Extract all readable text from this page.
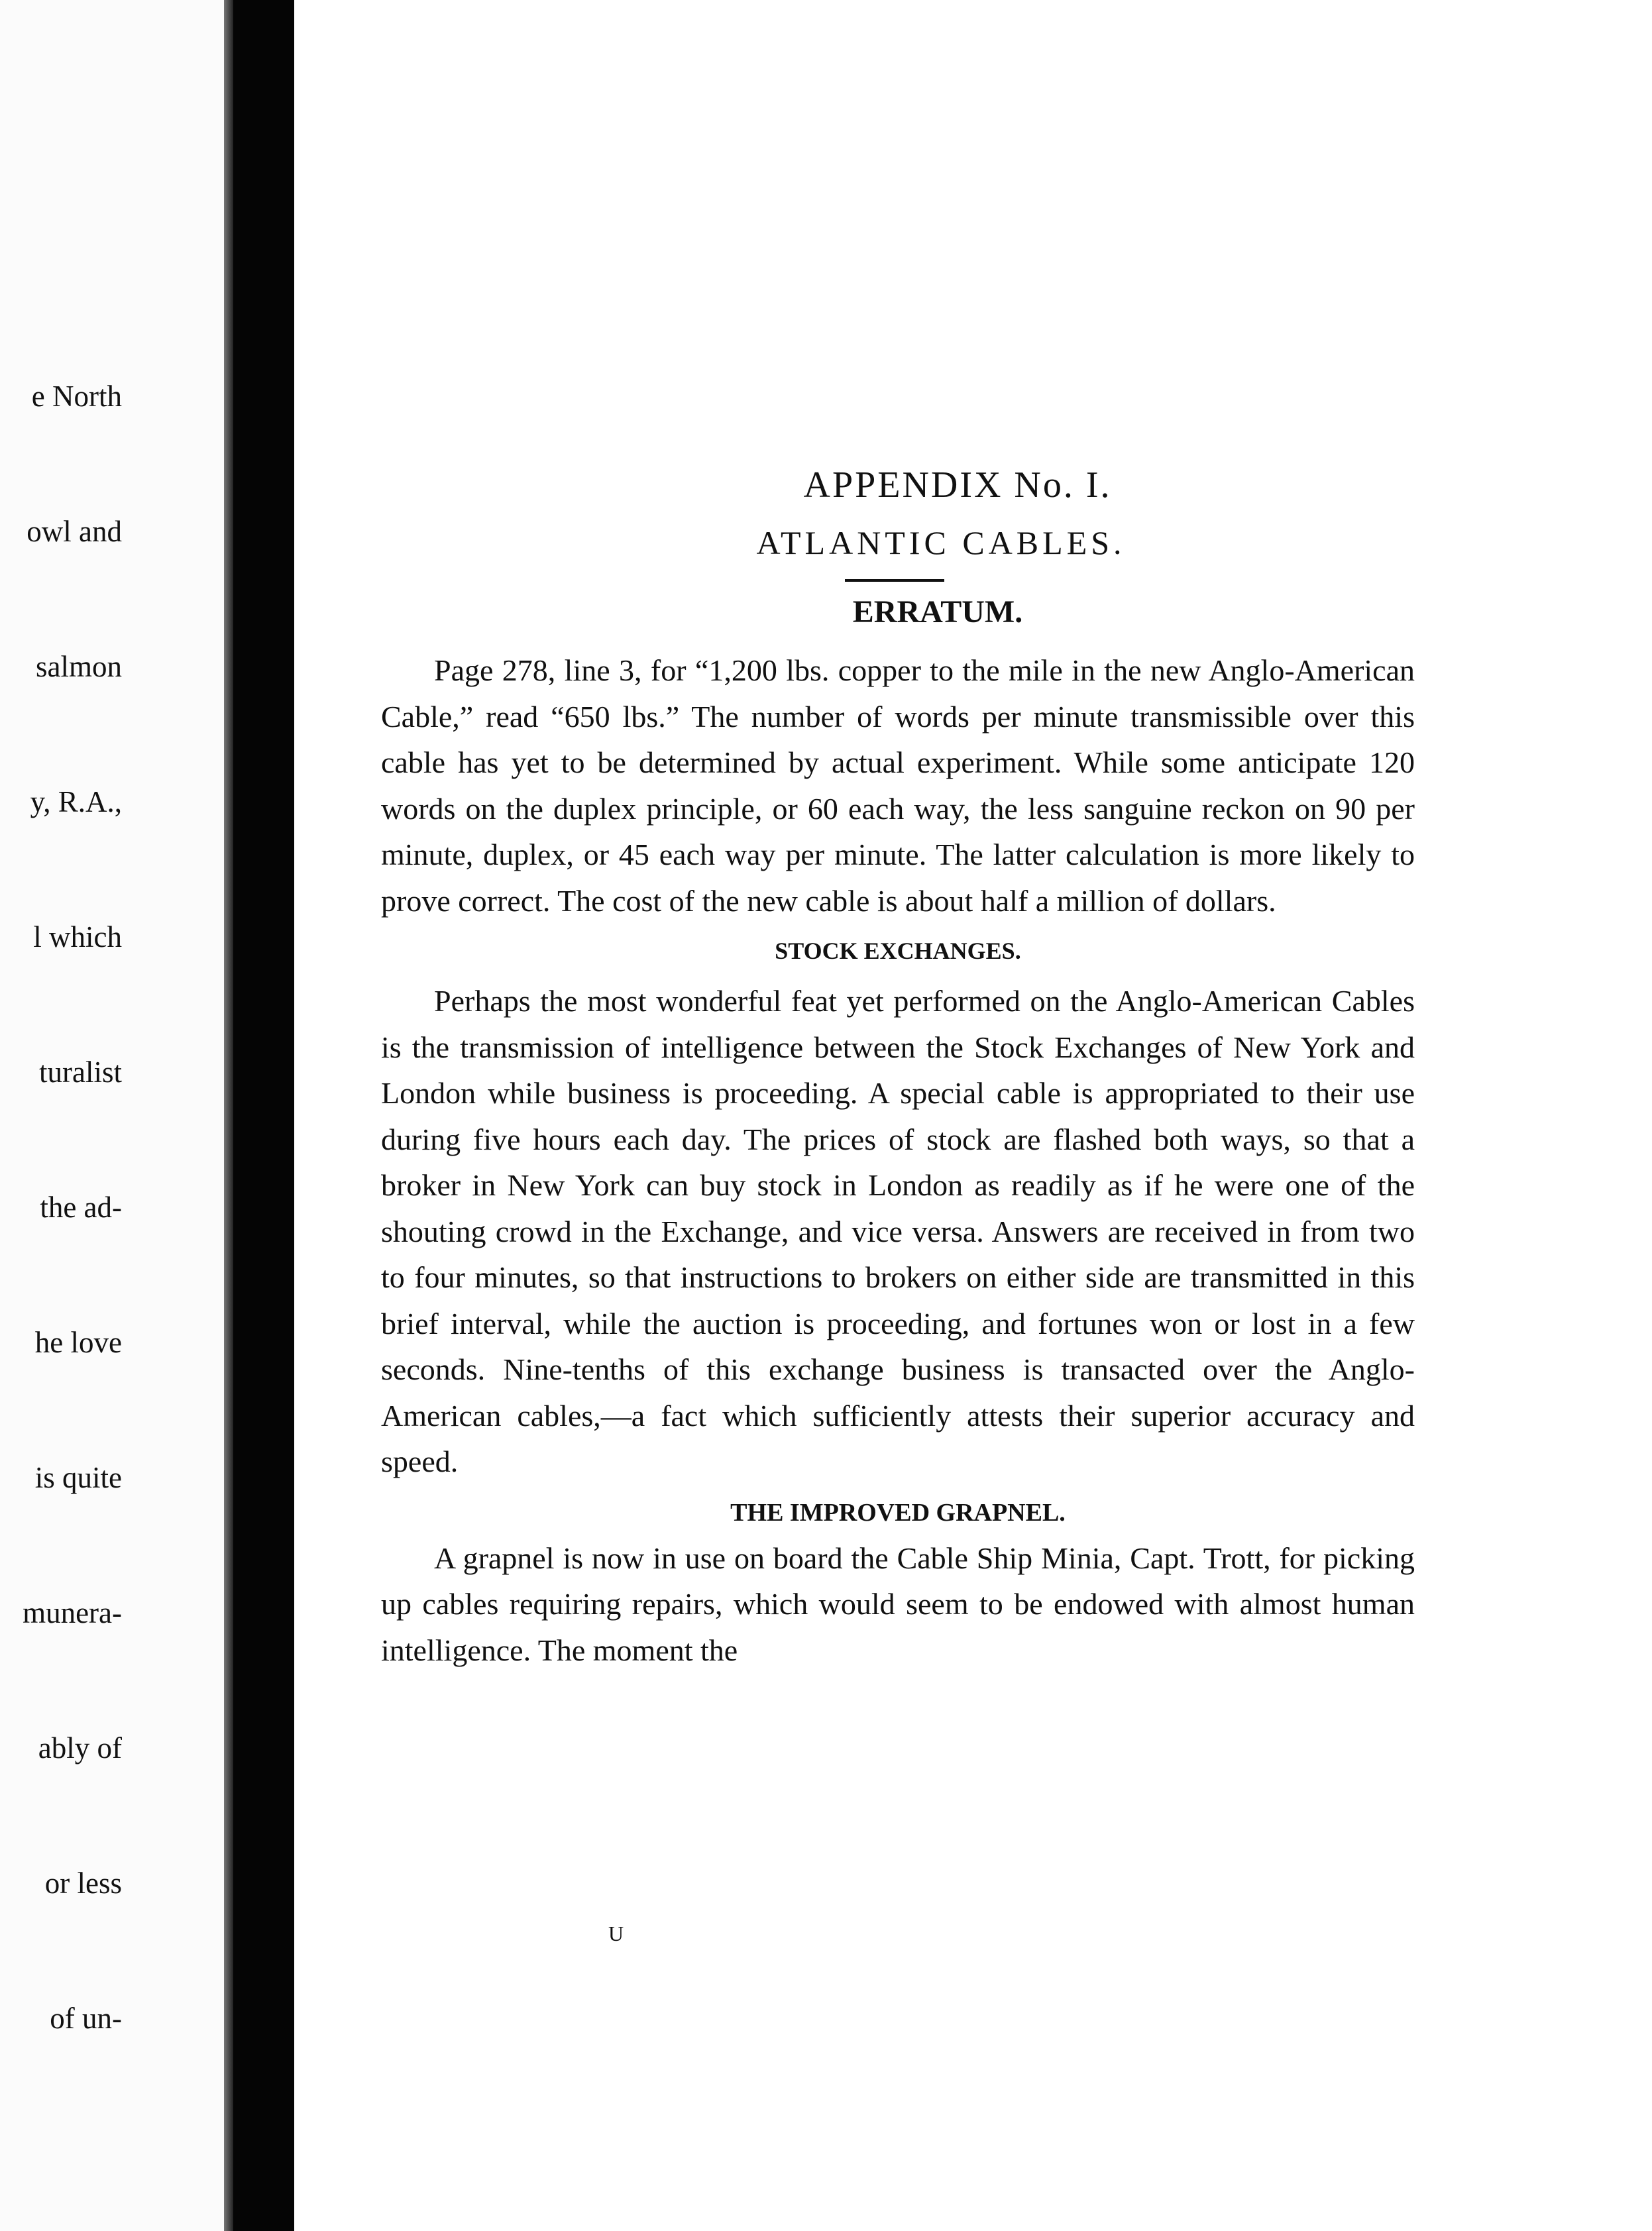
e North

owl and

salmon

y, R.A.,

l which

turalist

the ad-

he love

is quite

munera-

ably of

or less

of un-

APPENDIX No. I.
ATLANTIC CABLES.
ERRATUM.

Page 278, line 3, for “1,200 lbs. copper to the mile in the new Anglo-American Cable,” read “650 lbs.” The number of words per minute transmissible over this cable has yet to be determined by actual experiment. While some anticipate 120 words on the duplex principle, or 60 each way, the less sanguine reckon on 90 per minute, duplex, or 45 each way per minute. The latter calculation is more likely to prove correct. The cost of the new cable is about half a million of dollars.

STOCK EXCHANGES.

Perhaps the most wonderful feat yet performed on the Anglo-American Cables is the transmission of intelligence between the Stock Exchanges of New York and London while business is proceeding. A special cable is appropriated to their use during five hours each day. The prices of stock are flashed both ways, so that a broker in New York can buy stock in London as readily as if he were one of the shouting crowd in the Exchange, and vice versa. Answers are received in from two to four minutes, so that instructions to brokers on either side are transmitted in this brief interval, while the auction is proceeding, and fortunes won or lost in a few seconds. Nine-tenths of this exchange business is transacted over the Anglo-American cables,—a fact which sufficiently attests their superior accuracy and speed.

THE IMPROVED GRAPNEL.

A grapnel is now in use on board the Cable Ship Minia, Capt. Trott, for picking up cables requiring repairs, which would seem to be endowed with almost human intelligence. The moment the

U
